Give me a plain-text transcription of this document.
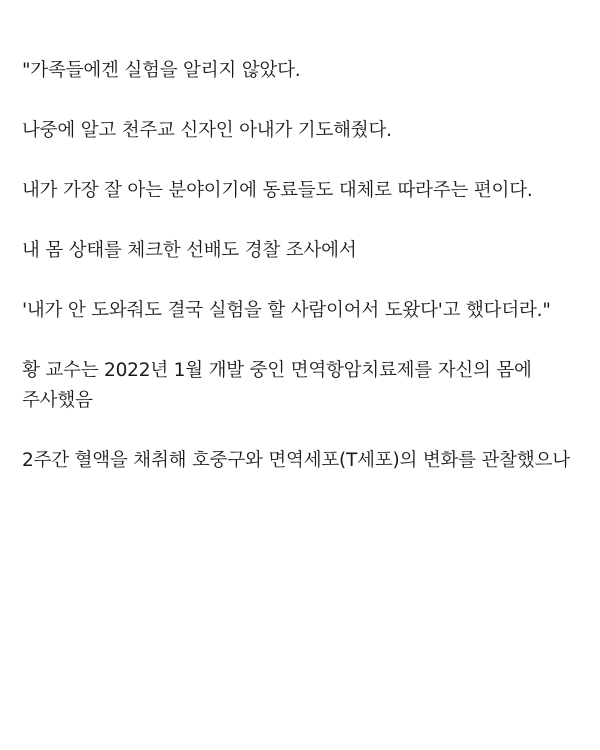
"가족들에겐 실험을 알리지 않았다.

나중에 알고 천주교 신자인 아내가 기도해줬다.

내가 가장 잘 아는 분야이기에 동료들도 대체로 따라주는 편이다.

내 몸 상태를 체크한 선배도 경찰 조사에서

'내가 안 도와줘도 결국 실험을 할 사람이어서 도왔다'고 했다더라."

황 교수는 2022년 1월 개발 중인 면역항암치료제를 자신의 몸에 주사했음

2주간 혈액을 채취해 호중구와 면역세포(T세포)의 변화를 관찰했으나
